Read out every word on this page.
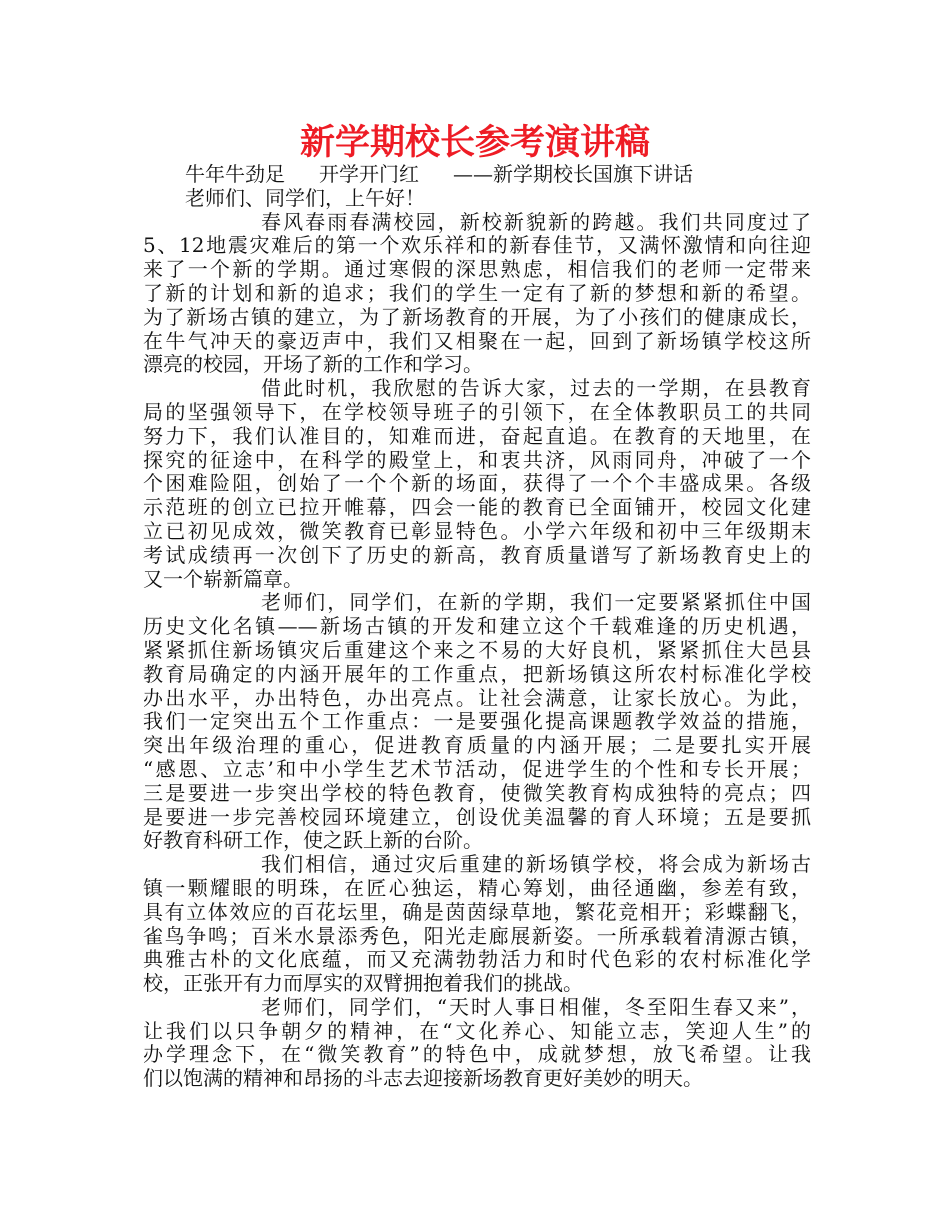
新学期校长参考演讲稿
牛年牛劲足 开学开门红 ——新学期校长国旗下讲话
老师们、同学们，上午好！
春风春雨春满校园，新校新貌新的跨越。我们共同度过了
5、12地震灾难后的第一个欢乐祥和的新春佳节，又满怀激情和向往迎
来了一个新的学期。通过寒假的深思熟虑，相信我们的老师一定带来
了新的计划和新的追求；我们的学生一定有了新的梦想和新的希望。
为了新场古镇的建立，为了新场教育的开展，为了小孩们的健康成长，
在牛气冲天的豪迈声中，我们又相聚在一起，回到了新场镇学校这所
漂亮的校园，开场了新的工作和学习。
借此时机，我欣慰的告诉大家，过去的一学期，在县教育
局的坚强领导下，在学校领导班子的引领下，在全体教职员工的共同
努力下，我们认准目的，知难而进，奋起直追。在教育的天地里，在
探究的征途中，在科学的殿堂上，和衷共济，风雨同舟，冲破了一个
个困难险阻，创始了一个个新的场面，获得了一个个丰盛成果。各级
示范班的创立已拉开帷幕，四会一能的教育已全面铺开，校园文化建
立已初见成效，微笑教育已彰显特色。小学六年级和初中三年级期末
考试成绩再一次创下了历史的新高，教育质量谱写了新场教育史上的
又一个崭新篇章。
老师们，同学们，在新的学期，我们一定要紧紧抓住中国
历史文化名镇——新场古镇的开发和建立这个千载难逢的历史机遇，
紧紧抓住新场镇灾后重建这个来之不易的大好良机，紧紧抓住大邑县
教育局确定的内涵开展年的工作重点，把新场镇这所农村标准化学校
办出水平，办出特色，办出亮点。让社会满意，让家长放心。为此，
我们一定突出五个工作重点：一是要强化提高课题教学效益的措施，
突出年级治理的重心，促进教育质量的内涵开展；二是要扎实开展
“感恩、立志’和中小学生艺术节活动，促进学生的个性和专长开展；
三是要进一步突出学校的特色教育，使微笑教育构成独特的亮点；四
是要进一步完善校园环境建立，创设优美温馨的育人环境；五是要抓
好教育科研工作，使之跃上新的台阶。
我们相信，通过灾后重建的新场镇学校，将会成为新场古
镇一颗耀眼的明珠，在匠心独运，精心筹划，曲径通幽，参差有致，
具有立体效应的百花坛里，确是茵茵绿草地，繁花竞相开；彩蝶翻飞，
雀鸟争鸣；百米水景添秀色，阳光走廊展新姿。一所承载着清源古镇，
典雅古朴的文化底蕴，而又充满勃勃活力和时代色彩的农村标准化学
校，正张开有力而厚实的双臂拥抱着我们的挑战。
老师们，同学们，“天时人事日相催，冬至阳生春又来”，
让我们以只争朝夕的精神，在“文化养心、知能立志，笑迎人生”的
办学理念下，在“微笑教育”的特色中，成就梦想，放飞希望。让我
们以饱满的精神和昂扬的斗志去迎接新场教育更好美妙的明天。
